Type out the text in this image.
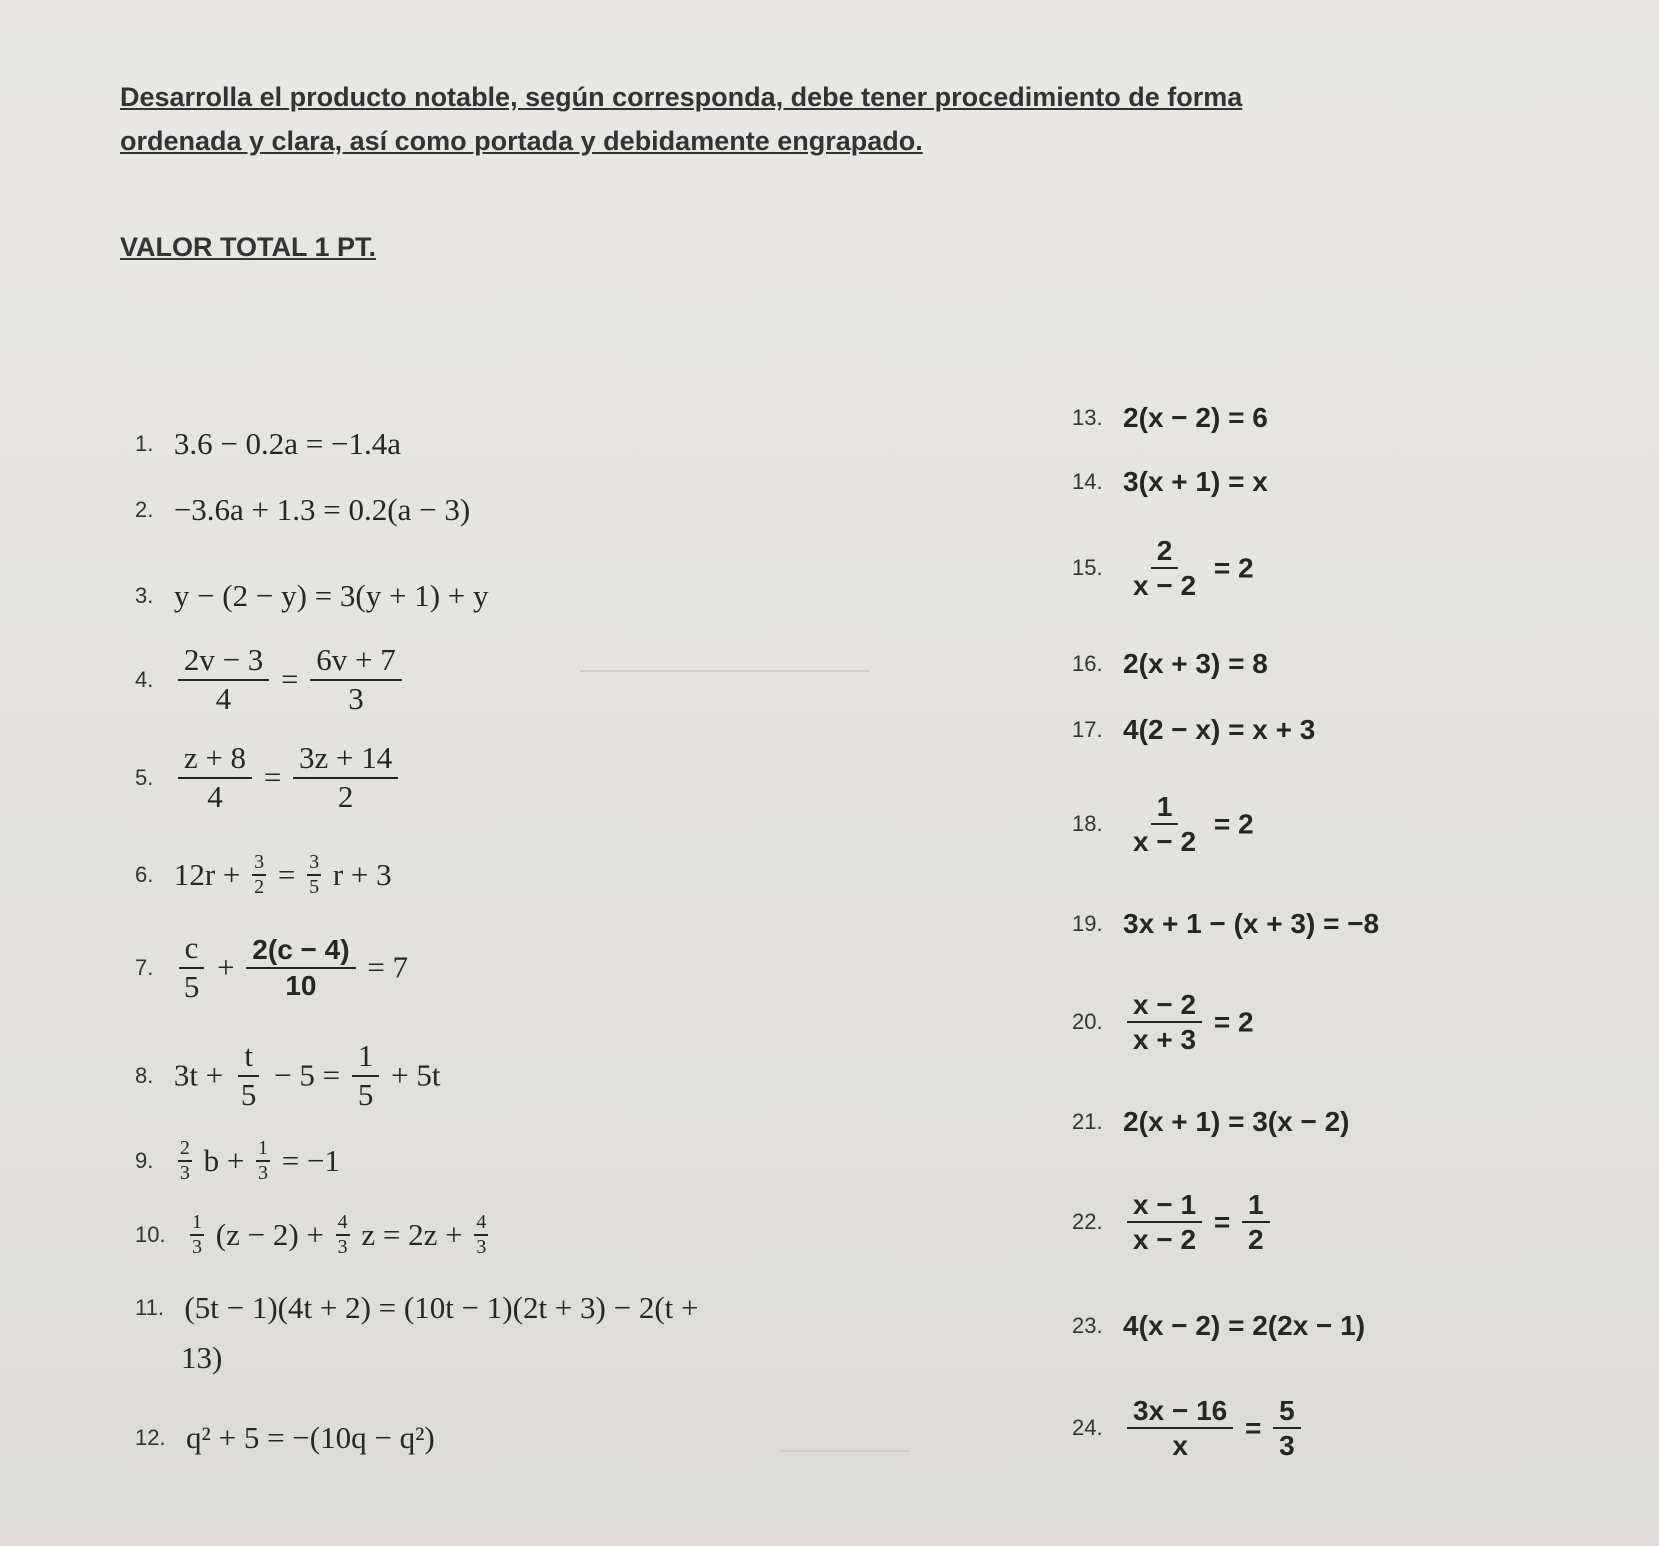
Desarrolla el producto notable, según corresponda, debe tener procedimiento de forma
ordenada y clara, así como portada y debidamente engrapado.
VALOR TOTAL 1 PT.
1. 3.6 − 0.2a = −1.4a
2. −3.6a + 1.3 = 0.2(a − 3)
3. y − (2 − y) = 3(y + 1) + y
4. $\frac{2v - 3}{4} = \frac{6v + 7}{3}$
5. $\frac{z + 8}{4} = \frac{3z + 14}{2}$
6. $12r + \frac{3}{2} = \frac{3}{5}$ r + 3
7. $\frac{c}{5} + \frac{2(c - 4)}{10} = 7$
8. $3t + \frac{t}{5} - 5 = \frac{1}{5} + 5t$
9. $\frac{2}{3}$ $b + \frac{1}{3} = -1$
10. $\frac{1}{3} (z - 2) + \frac{4}{3}$ $z = 2z + \frac{4}{3}$
11. (5t − 1)(4t + 2) = (10t − 1)(2t + 3) − 2(t +
13)
12. q² + 5 = −(10q − q²)
13. 2(x − 2) = 6
14. 3(x + 1) = x
15. $\frac{2}{x - 2} = 2$
16. 2(x + 3) = 8
17. 4(2 − x) = x + 3
18. $\frac{1}{x - 2} = 2$
19. 3x + 1 − (x + 3) = −8
20. $\frac{x - 2}{x + 3} = 2$
21. 2(x + 1) = 3(x − 2)
22. $\frac{x - 1}{x - 2} = \frac{1}{2}$
23. 4(x − 2) = 2(2x − 1)
24. $\frac{3x - 16}{x} = \frac{5}{3}$
